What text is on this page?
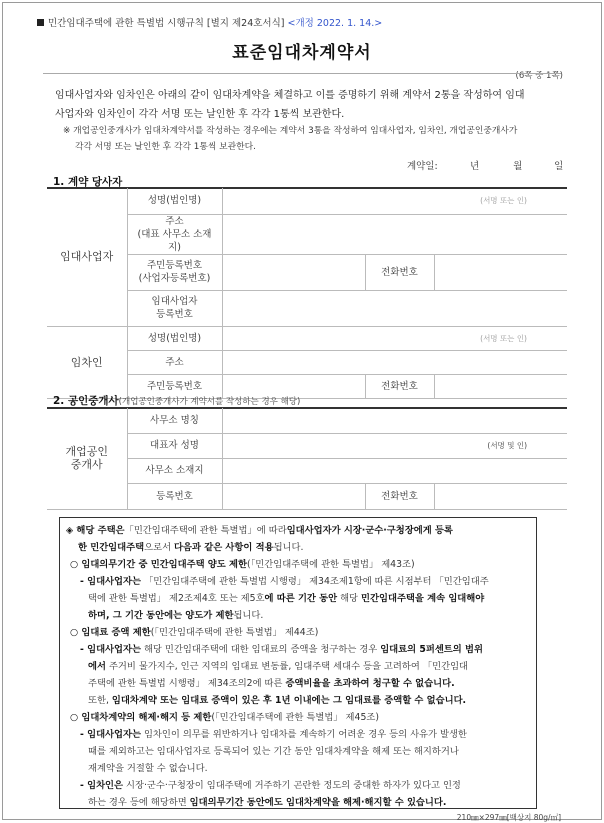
민간임대주택에 관한 특별법 시행규칙 [별지 제24호서식] <개정 2022. 1. 14.>
표준임대차계약서
(6쪽 중 1쪽)
임대사업자와 임차인은 아래의 같이 임대차계약을 체결하고 이를 증명하기 위해 계약서 2통을 작성하여 임대
사업자와 임차인이 각각 서명 또는 날인한 후 각각 1통씩 보관한다.
※ 개업공인중개사가 임대차계약서를 작성하는 경우에는 계약서 3통을 작성하여 임대사업자, 임차인, 개업공인중개사가
각각 서명 또는 날인한 후 각각 1통씩 보관한다.
계약일:	년	월	일
1. 계약 당사자
임대사업자	성명(법인명)	(서명 또는 인)		

	주소
(대표 사무소 소재지)			

	주민등록번호
(사업자등록번호)		전화번호	

	임대사업자
등록번호			

임차인	성명(법인명)	(서명 또는 인)		
	주소			
	주민등록번호		전화번호	
2. 공인중개사(개업공인중개사가 계약서를 작성하는 경우 해당)
개업공인
중개사	사무소 명칭			
	대표자 성명	(서명 및 인)		
	사무소 소재지			
	등록번호		전화번호	
◈ 해당 주택은「민간임대주택에 관한 특별법」에 따라임대사업자가 시장·군수·구청장에게 등록
한 민간임대주택으로서 다음과 같은 사항이 적용됩니다.
○ 임대의무기간 중 민간임대주택 양도 제한(「민간임대주택에 관한 특별법」 제43조)
- 임대사업자는 「민간임대주택에 관한 특별법 시행령」 제34조제1항에 따른 시점부터 「민간임대주
택에 관한 특별법」 제2조제4호 또는 제5호에 따른 기간 동안 해당 민간임대주택을 계속 임대해야
하며, 그 기간 동안에는 양도가 제한됩니다.
○ 임대료 증액 제한(「민간임대주택에 관한 특별법」 제44조)
- 임대사업자는 해당 민간임대주택에 대한 임대료의 증액을 청구하는 경우 임대료의 5퍼센트의 범위
에서 주거비 물가지수, 인근 지역의 임대료 변동률, 임대주택 세대수 등을 고려하여 「민간임대
주택에 관한 특별법 시행령」 제34조의2에 따른 증액비율을 초과하여 청구할 수 없습니다.
또한, 임대차계약 또는 임대료 증액이 있은 후 1년 이내에는 그 임대료를 증액할 수 없습니다.
○ 임대차계약의 해제·해지 등 제한(「민간임대주택에 관한 특별법」 제45조)
- 임대사업자는 임차인이 의무를 위반하거나 임대차를 계속하기 어려운 경우 등의 사유가 발생한
때를 제외하고는 임대사업자로 등록되어 있는 기간 동안 임대차계약을 해제 또는 해지하거나
재계약을 거절할 수 없습니다.
- 임차인은 시장·군수·구청장이 임대주택에 거주하기 곤란한 정도의 중대한 하자가 있다고 인정
하는 경우 등에 해당하면 임대의무기간 동안에도 임대차계약을 해제·해지할 수 있습니다.
210㎜×297㎜[백상지 80g/㎡]
